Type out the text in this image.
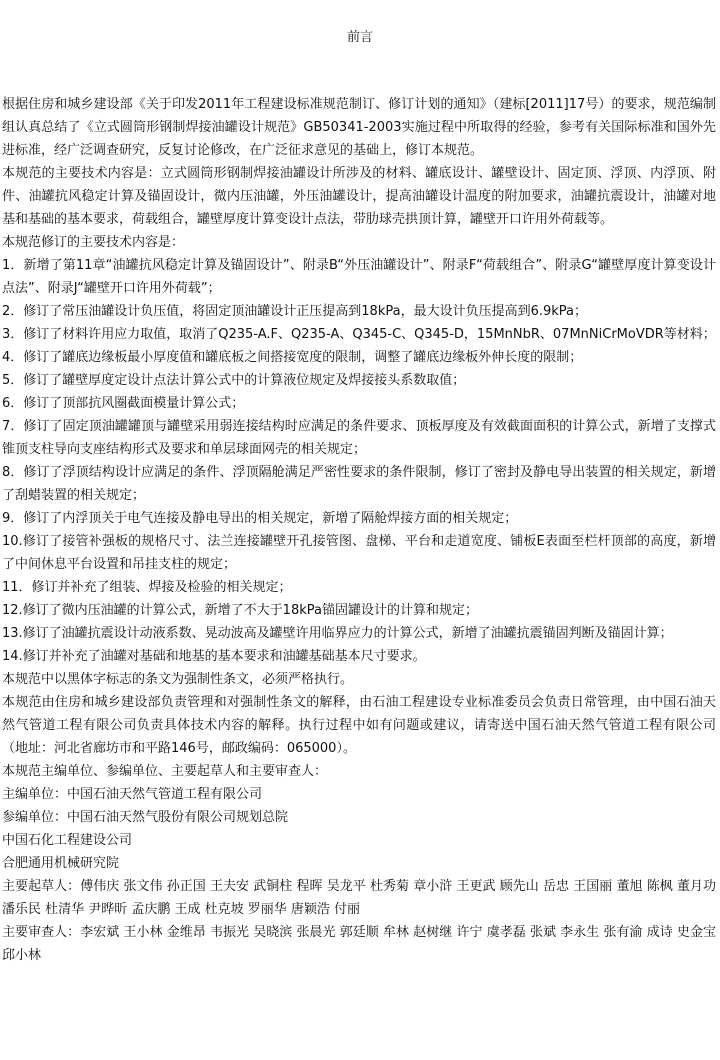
前言

根据住房和城乡建设部《关于印发2011年工程建设标准规范制订、修订计划的通知》（建标[2011]17号）的要求，规范编制组认真总结了《立式圆筒形钢制焊接油罐设计规范》GB50341-2003实施过程中所取得的经验，参考有关国际标准和国外先进标准，经广泛调查研究，反复讨论修改，在广泛征求意见的基础上，修订本规范。

本规范的主要技术内容是：立式圆筒形钢制焊接油罐设计所涉及的材料、罐底设计、罐壁设计、固定顶、浮顶、内浮顶、附件、油罐抗风稳定计算及锚固设计，微内压油罐，外压油罐设计，提高油罐设计温度的附加要求，油罐抗震设计，油罐对地基和基础的基本要求，荷载组合，罐壁厚度计算变设计点法，带肋球壳拱顶计算，罐壁开口许用外荷载等。

本规范修订的主要技术内容是：

1．新增了第11章“油罐抗风稳定计算及锚固设计”、附录B“外压油罐设计”、附录F“荷载组合”、附录G“罐壁厚度计算变设计点法”、附录J“罐壁开口许用外荷载”；

2．修订了常压油罐设计负压值，将固定顶油罐设计正压提高到18kPa，最大设计负压提高到6.9kPa；

3．修订了材料许用应力取值，取消了Q235-A.F、Q235-A、Q345-C、Q345-D，15MnNbR、07MnNiCrMoVDR等材料；

4．修订了罐底边缘板最小厚度值和罐底板之间搭接宽度的限制，调整了罐底边缘板外伸长度的限制；

5．修订了罐壁厚度定设计点法计算公式中的计算液位规定及焊接接头系数取值；

6．修订了顶部抗风圈截面模量计算公式；

7．修订了固定顶油罐罐顶与罐壁采用弱连接结构时应满足的条件要求、顶板厚度及有效截面面积的计算公式，新增了支撑式锥顶支柱导向支座结构形式及要求和单层球面网壳的相关规定；

8．修订了浮顶结构设计应满足的条件、浮顶隔舱满足严密性要求的条件限制，修订了密封及静电导出装置的相关规定，新增了刮蜡装置的相关规定；

9．修订了内浮顶关于电气连接及静电导出的相关规定，新增了隔舱焊接方面的相关规定；

10.修订了接管补强板的规格尺寸、法兰连接罐壁开孔接管图、盘梯、平台和走道宽度、铺板E表面至栏杆顶部的高度，新增了中间休息平台设置和吊挂支柱的规定；

11．修订并补充了组装、焊接及检验的相关规定；

12.修订了微内压油罐的计算公式，新增了不大于18kPa锚固罐设计的计算和规定；

13.修订了油罐抗震设计动液系数、晃动波高及罐壁许用临界应力的计算公式，新增了油罐抗震锚固判断及锚固计算；

14.修订并补充了油罐对基础和地基的基本要求和油罐基础基本尺寸要求。

本规范中以黑体字标志的条文为强制性条文，必须严格执行。

本规范由住房和城乡建设部负责管理和对强制性条文的解释，由石油工程建设专业标准委员会负责日常管理，由中国石油天然气管道工程有限公司负责具体技术内容的解释。执行过程中如有问题或建议，请寄送中国石油天然气管道工程有限公司（地址：河北省廊坊市和平路146号，邮政编码：065000）。

本规范主编单位、参编单位、主要起草人和主要审查人：

主编单位：中国石油天然气管道工程有限公司

参编单位：中国石油天然气股份有限公司规划总院

中国石化工程建设公司

合肥通用机械研究院

主要起草人：傅伟庆 张文伟 孙正国 王夫安 武铜柱 程晖 吴龙平 杜秀菊 章小浒 王更武 顾先山 岳忠 王国丽 董旭 陈枫 董月功 潘乐民 杜清华 尹晔昕 孟庆鹏 王成 杜克坡 罗丽华 唐颖浩 付丽

主要审查人：李宏斌 王小林 金维昂 韦振光 吴晓滨 张晨光 郭廷顺 牟林 赵树继 许宁 虞孝磊 张斌 李永生 张有渝 成诗 史金宝 邱小林
